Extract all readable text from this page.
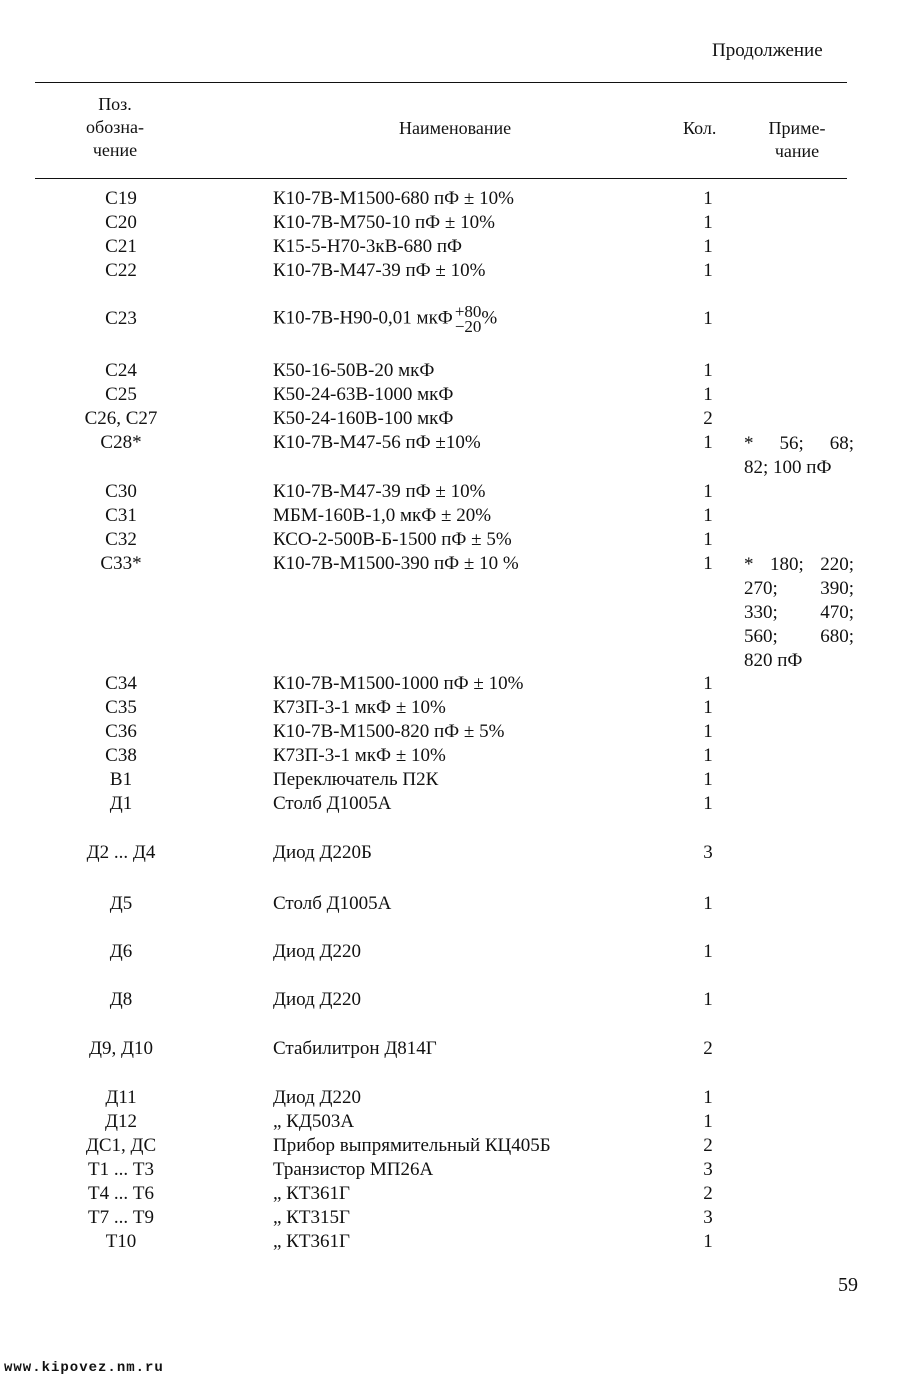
Продолжение
Поз.
обозна-
чение
Наименование	Кол.	Приме-
чание
С19	К10-7В-М1500-680 пФ ± 10%	1
С20	К10-7В-М750-10 пФ ± 10%	1
С21	К15-5-Н70-3кВ-680 пФ	1
С22	К10-7В-М47-39 пФ ± 10%	1
С23	К10-7В-Н90-0,01 мкФ +80
−20 %	1
С24	К50-16-50В-20 мкФ	1
С25	К50-24-63В-1000 мкФ	1
С26, С27	К50-24-160В-100 мкФ	2
С28*	К10-7В-М47-56 пФ ±10%	1 * 56; 68;
82; 100 пФ
С30	К10-7В-М47-39 пФ ± 10%	1
С31	МБМ-160В-1,0 мкФ ± 20%	1
С32	КСО-2-500В-Б-1500 пФ ± 5%	1
С33*	К10-7В-М1500-390 пФ ± 10 %	1 * 180; 220;
270; 390;
330; 470;
560; 680;
820 пФ
С34	К10-7В-М1500-1000 пФ ± 10%	1
С35	К73П-3-1 мкФ ± 10%	1
С36	К10-7В-М1500-820 пФ ± 5%	1
С38	К73П-3-1 мкФ ± 10%	1
В1	Переключатель П2К	1
Д1	Столб Д1005А	1
Д2 ... Д4	Диод Д220Б	3
Д5	Столб Д1005А	1
Д6	Диод Д220	1
Д8	Диод Д220	1
Д9, Д10	Стабилитрон Д814Г	2
Д11	Диод Д220	1
Д12	„ КД503А	1
ДС1, ДС	Прибор выпрямительный КЦ405Б	2
Т1 ... Т3	Транзистор МП26А	3
Т4 ... Т6	„ КТ361Г	2
Т7 ... Т9	„ КТ315Г	3
Т10	„ КТ361Г	1
59
www.kipovez.nm.ru
